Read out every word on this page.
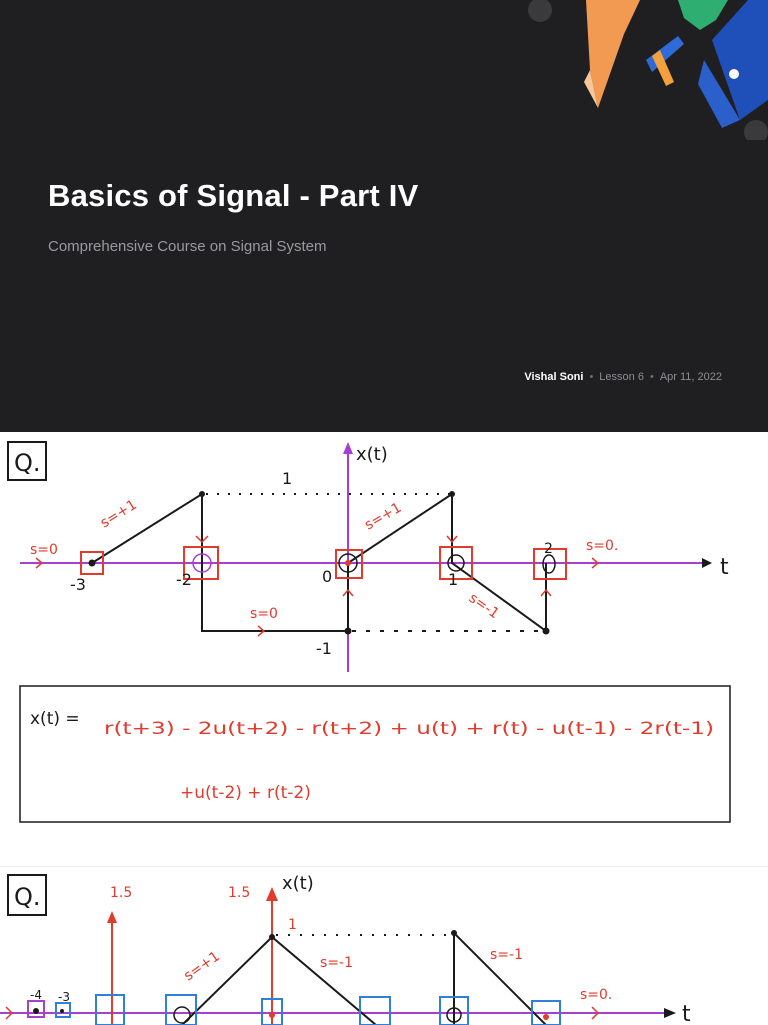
Basics of Signal - Part IV

Comprehensive Course on Signal System

Vishal Soni • Lesson 6 • Apr 11, 2022
Q.
t
x(t)
1
-1
-3	-2	0	1
2
s=0
s=+1
s=0
s=+1
s=-1
s=0.
x(t) = r(t+3) - 2u(t+2) - r(t+2) + u(t) + r(t) - u(t-1) - 2r(t-1)
+u(t-2) + r(t-2)
Q.
t
x(t)
1.5	1.5
1
-4 -3
s=+1	s=-1	s=-1
s=0.
